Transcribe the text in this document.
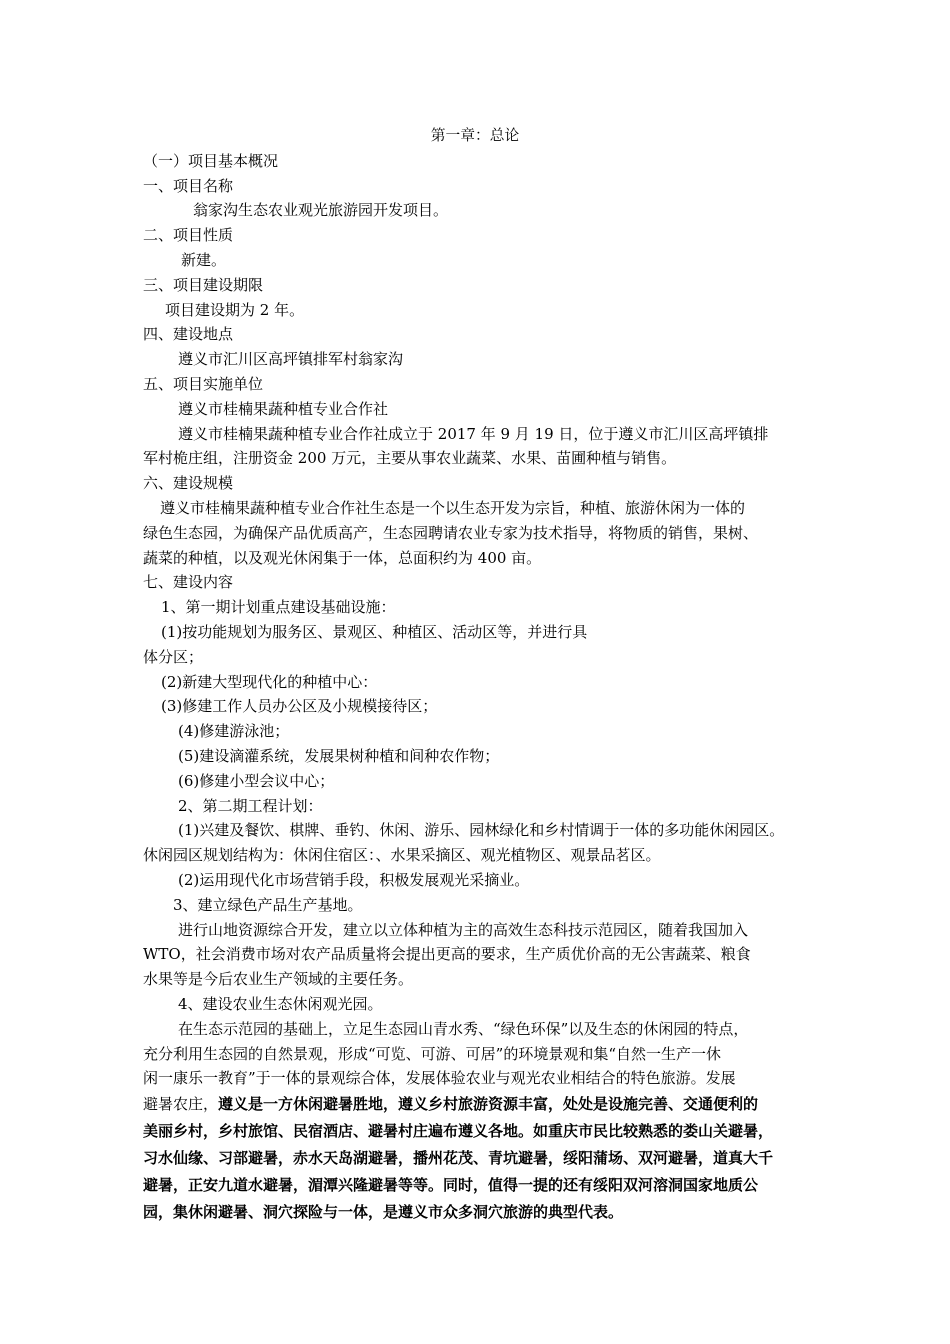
第一章：总论
（一）项目基本概况
一、项目名称
翁家沟生态农业观光旅游园开发项目。
二、项目性质
新建。
三、项目建设期限
项目建设期为 2 年。
四、建设地点
遵义市汇川区高坪镇排军村翁家沟
五、项目实施单位
遵义市桂楠果蔬种植专业合作社
遵义市桂楠果蔬种植专业合作社成立于 2017 年 9 月 19 日，位于遵义市汇川区高坪镇排
军村桅庄组，注册资金 200 万元，主要从事农业蔬菜、水果、苗圃种植与销售。
六、建设规模
遵义市桂楠果蔬种植专业合作社生态是一个以生态开发为宗旨，种植、旅游休闲为一体的
绿色生态园，为确保产品优质高产，生态园聘请农业专家为技术指导，将物质的销售，果树、
蔬菜的种植，以及观光休闲集于一体，总面积约为 400 亩。
七、建设内容
1、第一期计划重点建设基础设施：
(1)按功能规划为服务区、景观区、种植区、活动区等，并进行具
体分区；
(2)新建大型现代化的种植中心：
(3)修建工作人员办公区及小规模接待区；
(4)修建游泳池；
(5)建设滴灌系统，发展果树种植和间种农作物；
(6)修建小型会议中心；
2、第二期工程计划：
(1)兴建及餐饮、棋牌、垂钓、休闲、游乐、园林绿化和乡村情调于一体的多功能休闲园区。
休闲园区规划结构为：休闲住宿区：、水果采摘区、观光植物区、观景品茗区。
(2)运用现代化市场营销手段，积极发展观光采摘业。
3、建立绿色产品生产基地。
进行山地资源综合开发，建立以立体种植为主的高效生态科技示范园区，随着我国加入
WTO，社会消费市场对农产品质量将会提出更高的要求，生产质优价高的无公害蔬菜、粮食
水果等是今后农业生产领域的主要任务。
4、建设农业生态休闲观光园。
在生态示范园的基础上，立足生态园山青水秀、“绿色环保”以及生态的休闲园的特点，
充分利用生态园的自然景观，形成“可览、可游、可居”的环境景观和集“自然一生产一休
闲一康乐一教育”于一体的景观综合体，发展体验农业与观光农业相结合的特色旅游。发展
避暑农庄，遵义是一方休闲避暑胜地，遵义乡村旅游资源丰富，处处是设施完善、交通便利的
美丽乡村，乡村旅馆、民宿酒店、避暑村庄遍布遵义各地。如重庆市民比较熟悉的娄山关避暑，
习水仙缘、习部避暑，赤水天岛湖避暑，播州花茂、青坑避暑，绥阳蒲场、双河避暑，道真大千
避暑，正安九道水避暑，湄潭兴隆避暑等等。同时，值得一提的还有绥阳双河溶洞国家地质公
园，集休闲避暑、洞穴探险与一体，是遵义市众多洞穴旅游的典型代表。
